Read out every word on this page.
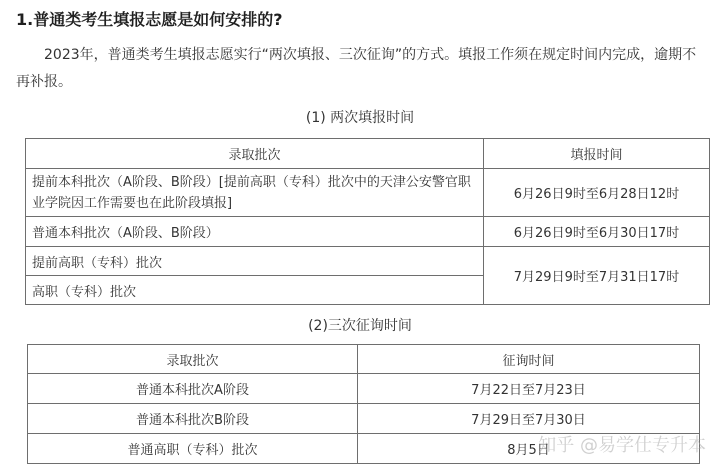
1.普通类考生填报志愿是如何安排的?

2023年，普通类考生填报志愿实行“两次填报、三次征询”的方式。填报工作须在规定时间内完成，逾期不再补报。

(1) 两次填报时间
录取批次	填报时间
提前本科批次（A阶段、B阶段）[提前高职（专科）批次中的天津公安警官职业学院因工作需要也在此阶段填报]	6月26日9时至6月28日12时
普通本科批次（A阶段、B阶段）	6月26日9时至6月30日17时
提前高职（专科）批次	7月29日9时至7月31日17时
高职（专科）批次	
(2)三次征询时间
录取批次	征询时间
普通本科批次A阶段	7月22日至7月23日
普通本科批次B阶段	7月29日至7月30日
普通高职（专科）批次	8月5日
知乎 @易学仕专升本
